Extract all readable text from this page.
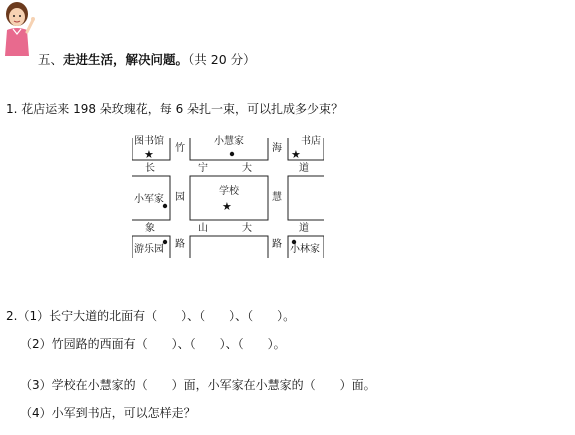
五、走进生活，解决问题。（共 20 分）
1. 花店运来 198 朵玫瑰花，每 6 朵扎一束，可以扎成多少束？
★	★
★
图书馆	小慧家	书店
小军家
学校
游乐园	小林家
竹
园
路
海
慧
路
长	宁	大	道
象	山	大	道
2.（1）长宁大道的北面有（　　）、（　　）、（　　）。
（2）竹园路的西面有（　　）、（　　）、（　　）。
（3）学校在小慧家的（　　）面，小军家在小慧家的（　　）面。
（4）小军到书店，可以怎样走？
